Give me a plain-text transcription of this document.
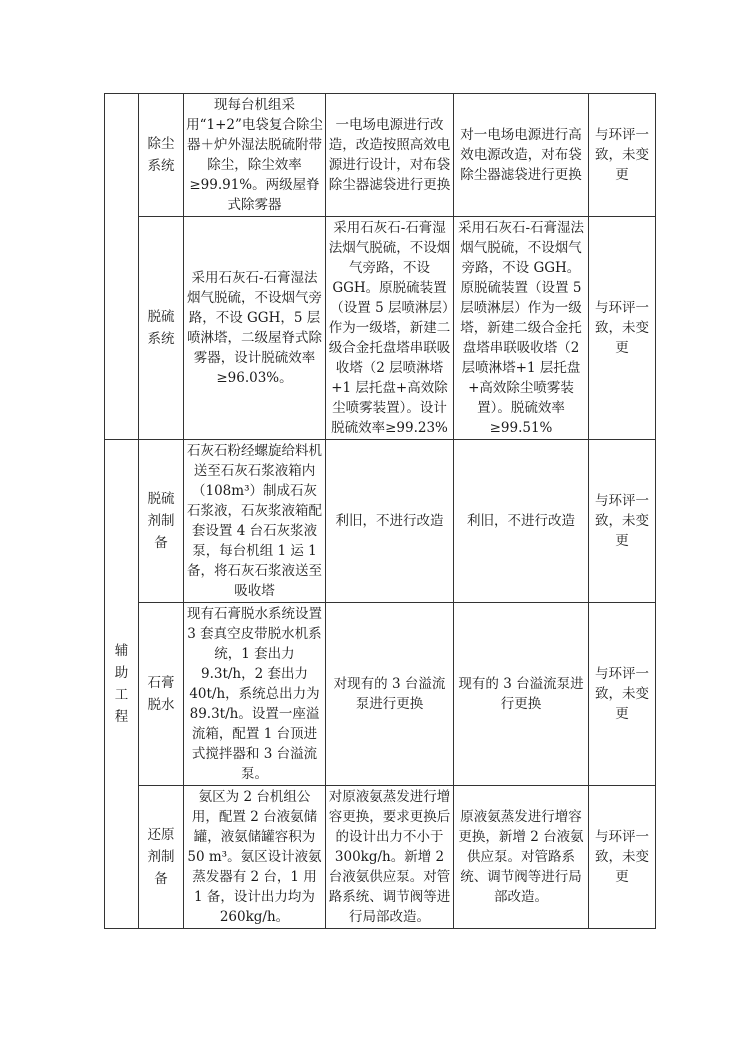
	除尘系统	现每台机组采用“1+2”电袋复合除尘器＋炉外湿法脱硫附带除尘，除尘效率≥99.91%。两级屋脊式除雾器	一电场电源进行改造，改造按照高效电源进行设计，对布袋除尘器滤袋进行更换	对一电场电源进行高效电源改造，对布袋除尘器滤袋进行更换	与环评一致，未变更
	脱硫系统	采用石灰石-石膏湿法烟气脱硫，不设烟气旁路，不设 GGH，5 层喷淋塔，二级屋脊式除雾器，设计脱硫效率≥96.03%。	采用石灰石-石膏湿法烟气脱硫，不设烟气旁路，不设 GGH。原脱硫装置（设置 5 层喷淋层）作为一级塔，新建二级合金托盘塔串联吸收塔（2 层喷淋塔+1 层托盘+高效除尘喷雾装置）。设计脱硫效率≥99.23%	采用石灰石-石膏湿法烟气脱硫，不设烟气旁路，不设 GGH。原脱硫装置（设置 5 层喷淋层）作为一级塔，新建二级合金托盘塔串联吸收塔（2 层喷淋塔+1 层托盘+高效除尘喷雾装置）。脱硫效率≥99.51%	与环评一致，未变更
辅助工程	脱硫剂制备	石灰石粉经螺旋给料机送至石灰石浆液箱内（108m³）制成石灰石浆液，石灰浆液箱配套设置 4 台石灰浆液泵，每台机组 1 运 1 备，将石灰石浆液送至吸收塔	利旧，不进行改造	利旧，不进行改造	与环评一致，未变更
	石膏脱水	现有石膏脱水系统设置 3 套真空皮带脱水机系统，1 套出力 9.3t/h，2 套出力 40t/h，系统总出力为 89.3t/h。设置一座溢流箱，配置 1 台顶进式搅拌器和 3 台溢流泵。	对现有的 3 台溢流泵进行更换	现有的 3 台溢流泵进行更换	与环评一致，未变更
	还原剂制备	氨区为 2 台机组公用，配置 2 台液氨储罐，液氨储罐容积为 50 m³。氨区设计液氨蒸发器有 2 台，1 用 1 备，设计出力均为 260kg/h。	对原液氨蒸发进行增容更换，要求更换后的设计出力不小于 300kg/h。新增 2 台液氨供应泵。对管路系统、调节阀等进行局部改造。	原液氨蒸发进行增容更换，新增 2 台液氨供应泵。对管路系统、调节阀等进行局部改造。	与环评一致，未变更
